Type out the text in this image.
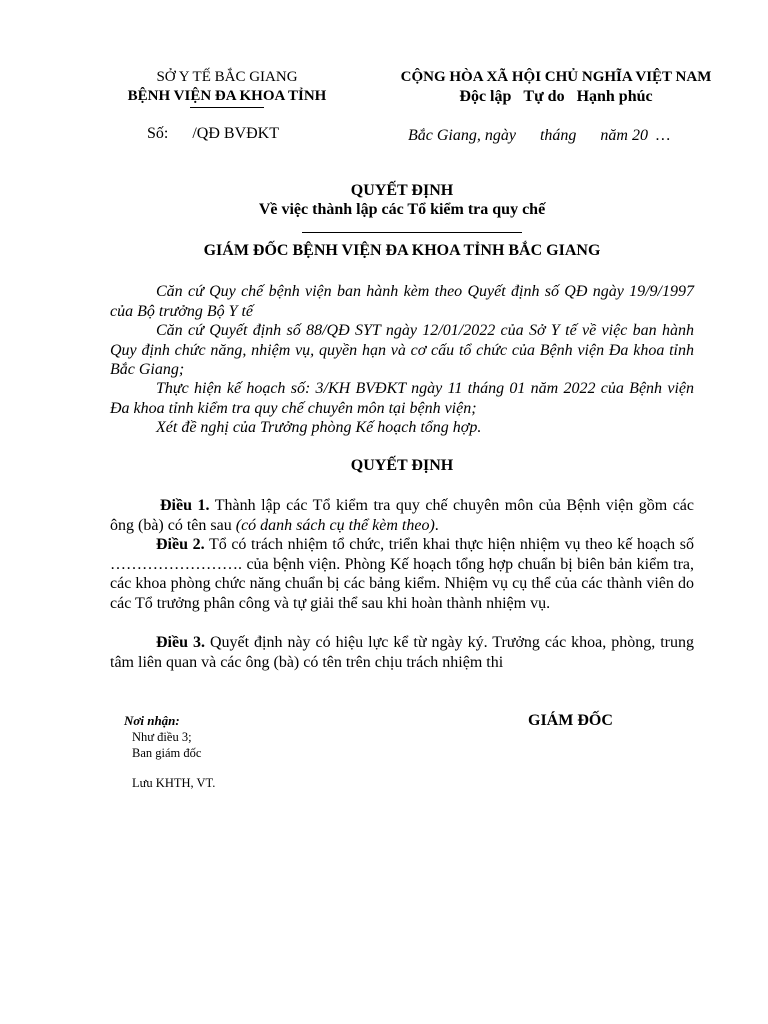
SỞ Y TẾ BẮC GIANG
BỆNH VIỆN ĐA KHOA TỈNH
CỘNG HÒA XÃ HỘI CHỦ NGHĨA VIỆT NAM
Độc lập Tự do Hạnh phúc
Số: /QĐ BVĐKT	Bắc Giang, ngày      tháng      năm 20  …
QUYẾT ĐỊNH
Về việc thành lập các Tổ kiểm tra quy chế
GIÁM ĐỐC BỆNH VIỆN ĐA KHOA TỈNH BẮC GIANG
Căn cứ Quy chế bệnh viện ban hành kèm theo Quyết định số QĐ ngày 19/9/1997 của Bộ trưởng Bộ Y tế
Căn cứ Quyết định số 88/QĐ SYT ngày 12/01/2022 của Sở Y tế về việc ban hành Quy định chức năng, nhiệm vụ, quyền hạn và cơ cấu tổ chức của Bệnh viện Đa khoa tỉnh Bắc Giang;
Thực hiện kế hoạch số: 3/KH BVĐKT ngày 11 tháng 01 năm 2022 của Bệnh viện Đa khoa tỉnh kiểm tra quy chế chuyên môn tại bệnh viện;
Xét đề nghị của Trưởng phòng Kế hoạch tổng hợp.
QUYẾT ĐỊNH
Điều 1. Thành lập các Tổ kiểm tra quy chế chuyên môn của Bệnh viện gồm các ông (bà) có tên sau (có danh sách cụ thể kèm theo).
Điều 2. Tổ có trách nhiệm tổ chức, triển khai thực hiện nhiệm vụ theo kế hoạch số ……………………. của bệnh viện. Phòng Kế hoạch tổng hợp chuẩn bị biên bản kiểm tra, các khoa phòng chức năng chuẩn bị các bảng kiểm. Nhiệm vụ cụ thể của các thành viên do các Tổ trưởng phân công và tự giải thể sau khi hoàn thành nhiệm vụ.
Điều 3. Quyết định này có hiệu lực kể từ ngày ký. Trưởng các khoa, phòng, trung tâm liên quan và các ông (bà) có tên trên chịu trách nhiệm thi
Nơi nhận:
Như điều 3;
Ban giám đốc
Lưu KHTH, VT.
GIÁM ĐỐC
